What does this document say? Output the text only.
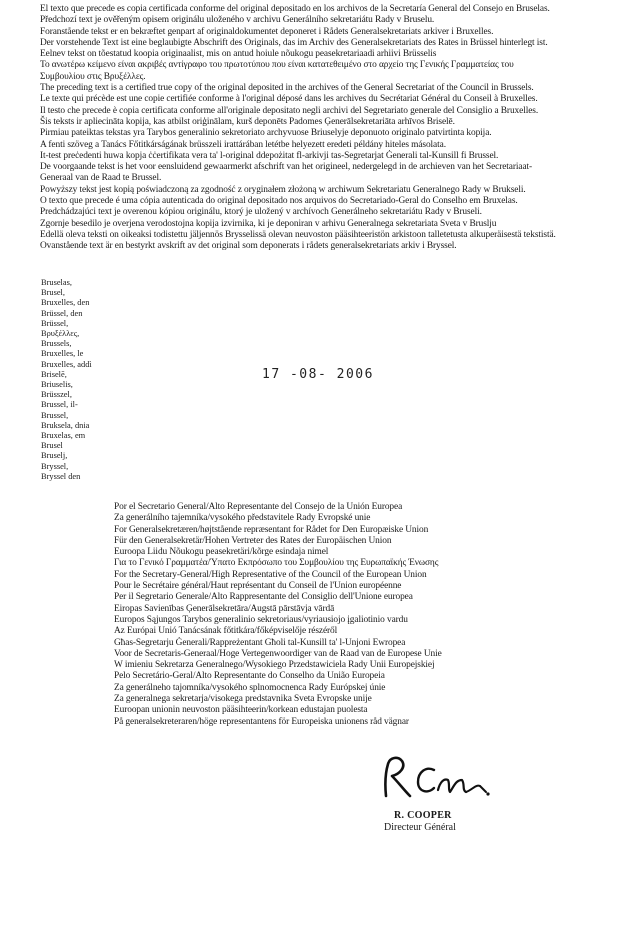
El texto que precede es copia certificada conforme del original depositado en los archivos de la Secretaría General del Consejo en Bruselas.
Předchozí text je ověřeným opisem originálu uloženého v archivu Generálního sekretariátu Rady v Bruselu.
Foranstående tekst er en bekræftet genpart af originaldokumentet deponeret i Rådets Generalsekretariats arkiver i Bruxelles.
Der vorstehende Text ist eine beglaubigte Abschrift des Originals, das im Archiv des Generalsekretariats des Rates in Brüssel hinterlegt ist.
Eelnev tekst on tõestatud koopia originaalist, mis on antud hoiule nõukogu peasekretariaadi arhiivi Brüsselis
Το ανωτέρω κείμενο είναι ακριβές αντίγραφο του πρωτοτύπου που είναι κατατεθειμένο στο αρχείο της Γενικής Γραμματείας του
Συμβουλίου στις Βρυξέλλες.
The preceding text is a certified true copy of the original deposited in the archives of the General Secretariat of the Council in Brussels.
Le texte qui précède est une copie certifiée conforme à l'original déposé dans les archives du Secrétariat Général du Conseil à Bruxelles.
Il testo che precede è copia certificata conforme all'originale depositato negli archivi del Segretariato generale del Consiglio a Bruxelles.
Šis teksts ir apliecināta kopija, kas atbilst oriģinālam, kurš deponēts Padomes Ģenerālsekretariāta arhīvos Briselē.
Pirmiau pateiktas tekstas yra Tarybos generalinio sekretoriato archyvuose Briuselyje deponuoto originalo patvirtinta kopija.
A fenti szöveg a Tanács Főtitkárságának brüsszeli irattárában letétbe helyezett eredeti példány hiteles másolata.
It-test preċedenti huwa kopja ċċertifikata vera ta' l-original ddepożitat fl-arkivji tas-Segretarjat Ġenerali tal-Kunsill fi Brussel.
De voorgaande tekst is het voor eensluidend gewaarmerkt afschrift van het origineel, nedergelegd in de archieven van het Secretariaat-
Generaal van de Raad te Brussel.
Powyższy tekst jest kopią poświadczoną za zgodność z oryginałem złożoną w archiwum Sekretariatu Generalnego Rady w Brukseli.
O texto que precede é uma cópia autenticada do original depositado nos arquivos do Secretariado-Geral do Conselho em Bruxelas.
Predchádzajúci text je overenou kópiou originálu, ktorý je uložený v archívoch Generálneho sekretariátu Rady v Bruseli.
Zgornje besedilo je overjena verodostojna kopija izvirnika, ki je deponiran v arhivu Generalnega sekretariata Sveta v Bruslju
Edellä oleva teksti on oikeaksi todistettu jäljennös Brysselissä olevan neuvoston pääsihteeristön arkistoon talletetusta alkuperäisestä tekstistä.
Ovanstående text är en bestyrkt avskrift av det original som deponerats i rådets generalsekretariats arkiv i Bryssel.
Bruselas,
Brusel,
Bruxelles, den
Brüssel, den
Brüssel,
Βρυξέλλες,
Brussels,
Bruxelles, le
Bruxelles, addì
Briselē,
Briuselis,
Brüsszel,
Brussel, il-
Brussel,
Bruksela, dnia
Bruxelas, em
Brusel
Bruselj,
Bryssel,
Bryssel den
17 -08- 2006
Por el Secretario General/Alto Representante del Consejo de la Unión Europea
Za generálního tajemníka/vysokého představitele Rady Evropské unie
For Generalsekretæren/højtstående repræsentant for Rådet for Den Europæiske Union
Für den Generalsekretär/Hohen Vertreter des Rates der Europäischen Union
Euroopa Liidu Nõukogu peasekretäri/kõrge esindaja nimel
Για το Γενικό Γραμματέα/Ύπατο Εκπρόσωπο του Συμβουλίου της Ευρωπαϊκής Ένωσης
For the Secretary-General/High Representative of the Council of the European Union
Pour le Secrétaire général/Haut représentant du Conseil de l'Union européenne
Per il Segretario Generale/Alto Rappresentante del Consiglio dell'Unione europea
Eiropas Savienības Ģenerālsekretāra/Augstā pārstāvja vārdā
Europos Sąjungos Tarybos generalinio sekretoriaus/vyriausiojo įgaliotinio vardu
Az Európai Unió Tanácsának főtitkára/főképviselője részéről
Għas-Segretarju Ġenerali/Rappreżentant Għoli tal-Kunsill ta' l-Unjoni Ewropea
Voor de Secretaris-Generaal/Hoge Vertegenwoordiger van de Raad van de Europese Unie
W imieniu Sekretarza Generalnego/Wysokiego Przedstawiciela Rady Unii Europejskiej
Pelo Secretário-Geral/Alto Representante do Conselho da União Europeia
Za generálneho tajomníka/vysokého splnomocnenca Rady Európskej únie
Za generalnega sekretarja/visokega predstavnika Sveta Evropske unije
Euroopan unionin neuvoston pääsihteerin/korkean edustajan puolesta
På generalsekreteraren/höge representantens för Europeiska unionens råd vägnar
R. COOPER
Directeur Général
